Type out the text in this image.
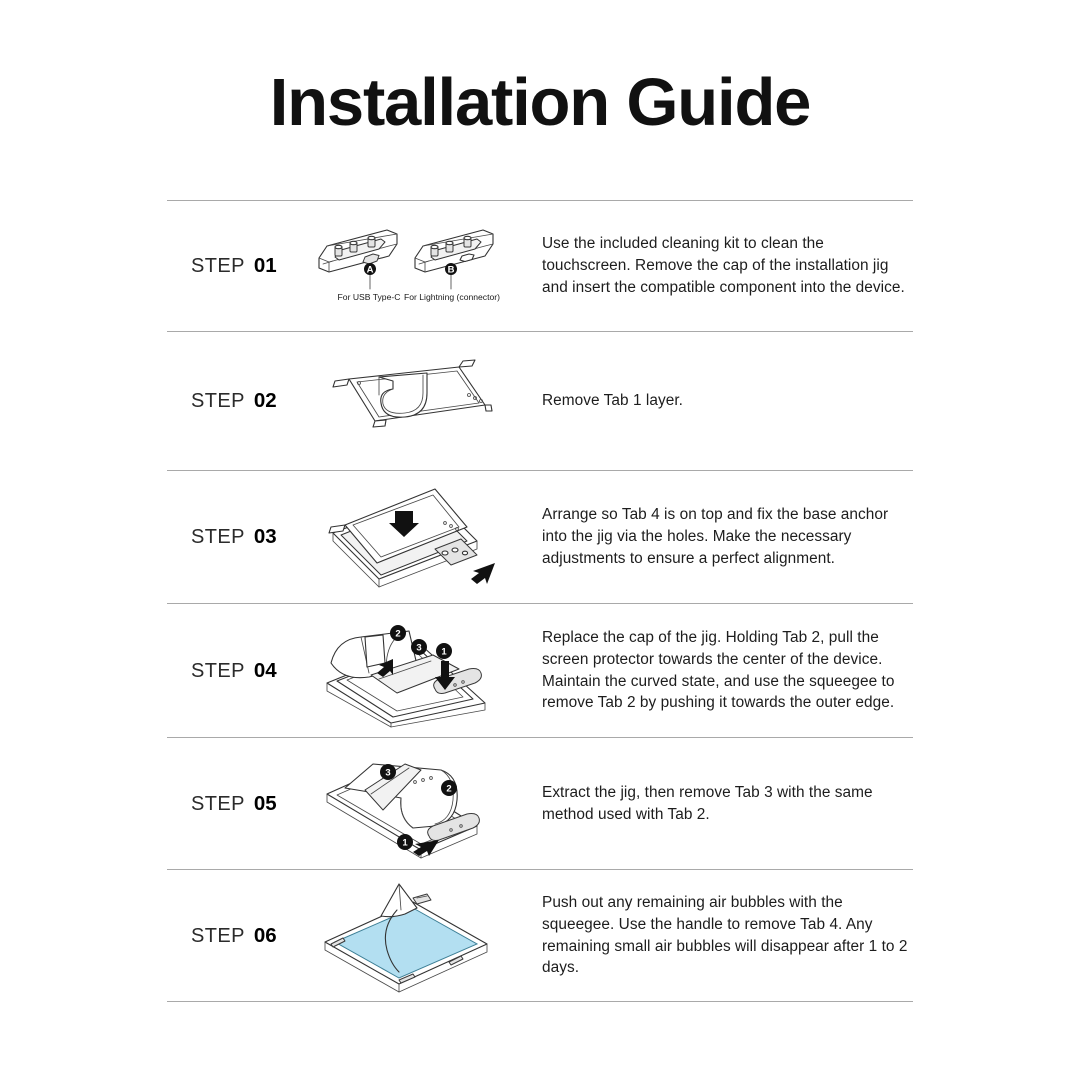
Installation Guide
STEP 01	A
For USB Type-C
B
For Lightning (connector)
Use the included cleaning kit to clean the touchscreen. Remove the cap of the installation jig and insert the compatible component into the device.
STEP 02	Remove Tab 1 layer.
STEP 03
Arrange so Tab 4 is on top and fix the base anchor into the jig via the holes. Make the necessary adjustments to ensure a perfect alignment.
STEP 04
1
2
3
Replace the cap of the jig. Holding Tab 2, pull the screen protector towards the center of the device. Maintain the curved state, and use the squeegee to remove Tab 2 by pushing it towards the outer edge.
STEP 05
1
2
3
Extract the jig, then remove Tab 3 with the same method used with Tab 2.
STEP 06
Push out any remaining air bubbles with the squeegee. Use the handle to remove Tab 4. Any remaining small air bubbles will disappear after 1 to 2 days.
